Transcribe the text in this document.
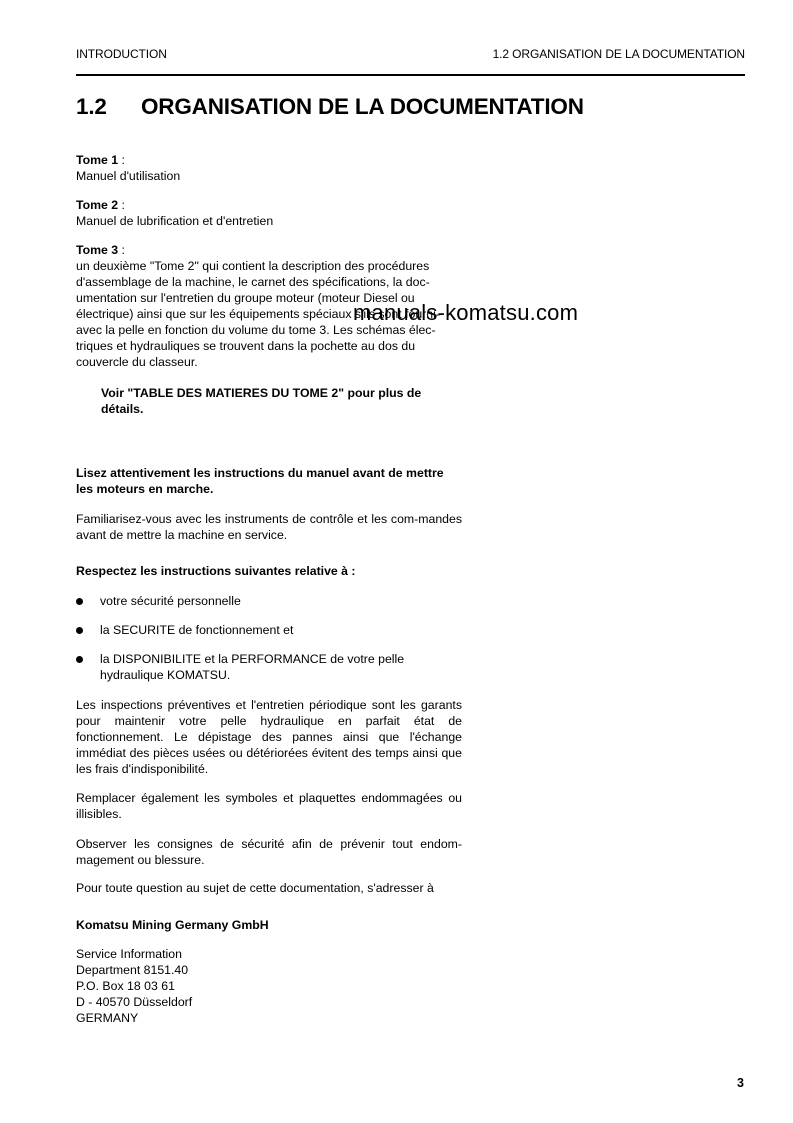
INTRODUCTION	1.2 ORGANISATION DE LA DOCUMENTATION
1.2 ORGANISATION DE LA DOCUMENTATION
Tome 1 :
Manuel d'utilisation
Tome 2 :
Manuel de lubrification et d'entretien
Tome 3 :
un deuxième "Tome 2" qui contient la description des procédures
d'assemblage de la machine, le carnet des spécifications, la doc-
umentation sur l'entretien du groupe moteur (moteur Diesel ou
électrique) ainsi que sur les équipements spéciaux s'ils sont fourni-
avec la pelle en fonction du volume du tome 3. Les schémas élec-
triques et hydrauliques se trouvent dans la pochette au dos du
couvercle du classeur.
manuals-komatsu.com
Voir "TABLE DES MATIERES DU TOME 2" pour plus de détails.
Lisez attentivement les instructions du manuel avant de mettre les moteurs en marche.
Familiarisez-vous avec les instruments de contrôle et les com-mandes avant de mettre la machine en service.
Respectez les instructions suivantes relative à :
votre sécurité personnelle
la SECURITE de fonctionnement et
la DISPONIBILITE et la PERFORMANCE de votre pelle hydraulique KOMATSU.
Les inspections préventives et l'entretien périodique sont les garants pour maintenir votre pelle hydraulique en parfait état de fonctionnement. Le dépistage des pannes ainsi que l'échange immédiat des pièces usées ou détériorées évitent des temps ainsi que les frais d'indisponibilité.
Remplacer également les symboles et plaquettes endommagées ou illisibles.
Observer les consignes de sécurité afin de prévenir tout endom-magement ou blessure.
Pour toute question au sujet de cette documentation, s'adresser à
Komatsu Mining Germany GmbH
Service Information
Department 8151.40
P.O. Box 18 03 61
D - 40570 Düsseldorf
GERMANY
3
